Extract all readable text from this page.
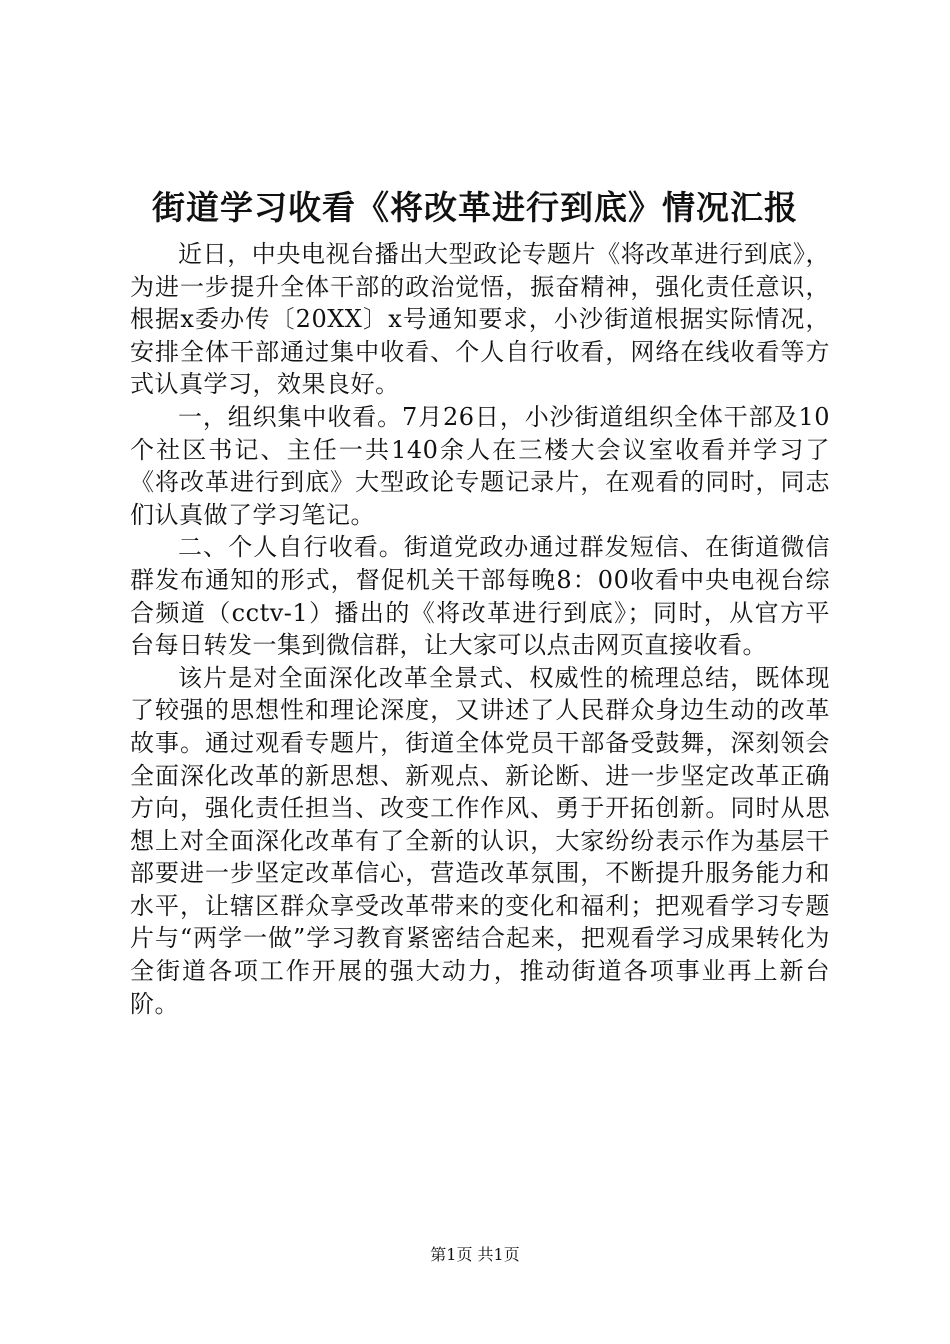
街道学习收看《将改革进行到底》情况汇报

近日，中央电视台播出大型政论专题片《将改革进行到底》，为进一步提升全体干部的政治觉悟，振奋精神，强化责任意识，根据x委办传〔20XX〕x号通知要求，小沙街道根据实际情况，安排全体干部通过集中收看、个人自行收看，网络在线收看等方式认真学习，效果良好。

一，组织集中收看。7月26日，小沙街道组织全体干部及10个社区书记、主任一共140余人在三楼大会议室收看并学习了《将改革进行到底》大型政论专题记录片，在观看的同时，同志们认真做了学习笔记。

二、个人自行收看。街道党政办通过群发短信、在街道微信群发布通知的形式，督促机关干部每晚8：00收看中央电视台综合频道（cctv-1）播出的《将改革进行到底》；同时，从官方平台每日转发一集到微信群，让大家可以点击网页直接收看。

该片是对全面深化改革全景式、权威性的梳理总结，既体现了较强的思想性和理论深度，又讲述了人民群众身边生动的改革故事。通过观看专题片，街道全体党员干部备受鼓舞，深刻领会全面深化改革的新思想、新观点、新论断、进一步坚定改革正确方向，强化责任担当、改变工作作风、勇于开拓创新。同时从思想上对全面深化改革有了全新的认识，大家纷纷表示作为基层干部要进一步坚定改革信心，营造改革氛围，不断提升服务能力和水平，让辖区群众享受改革带来的变化和福利；把观看学习专题片与“两学一做”学习教育紧密结合起来，把观看学习成果转化为全街道各项工作开展的强大动力，推动街道各项事业再上新台阶。

第1页 共1页
